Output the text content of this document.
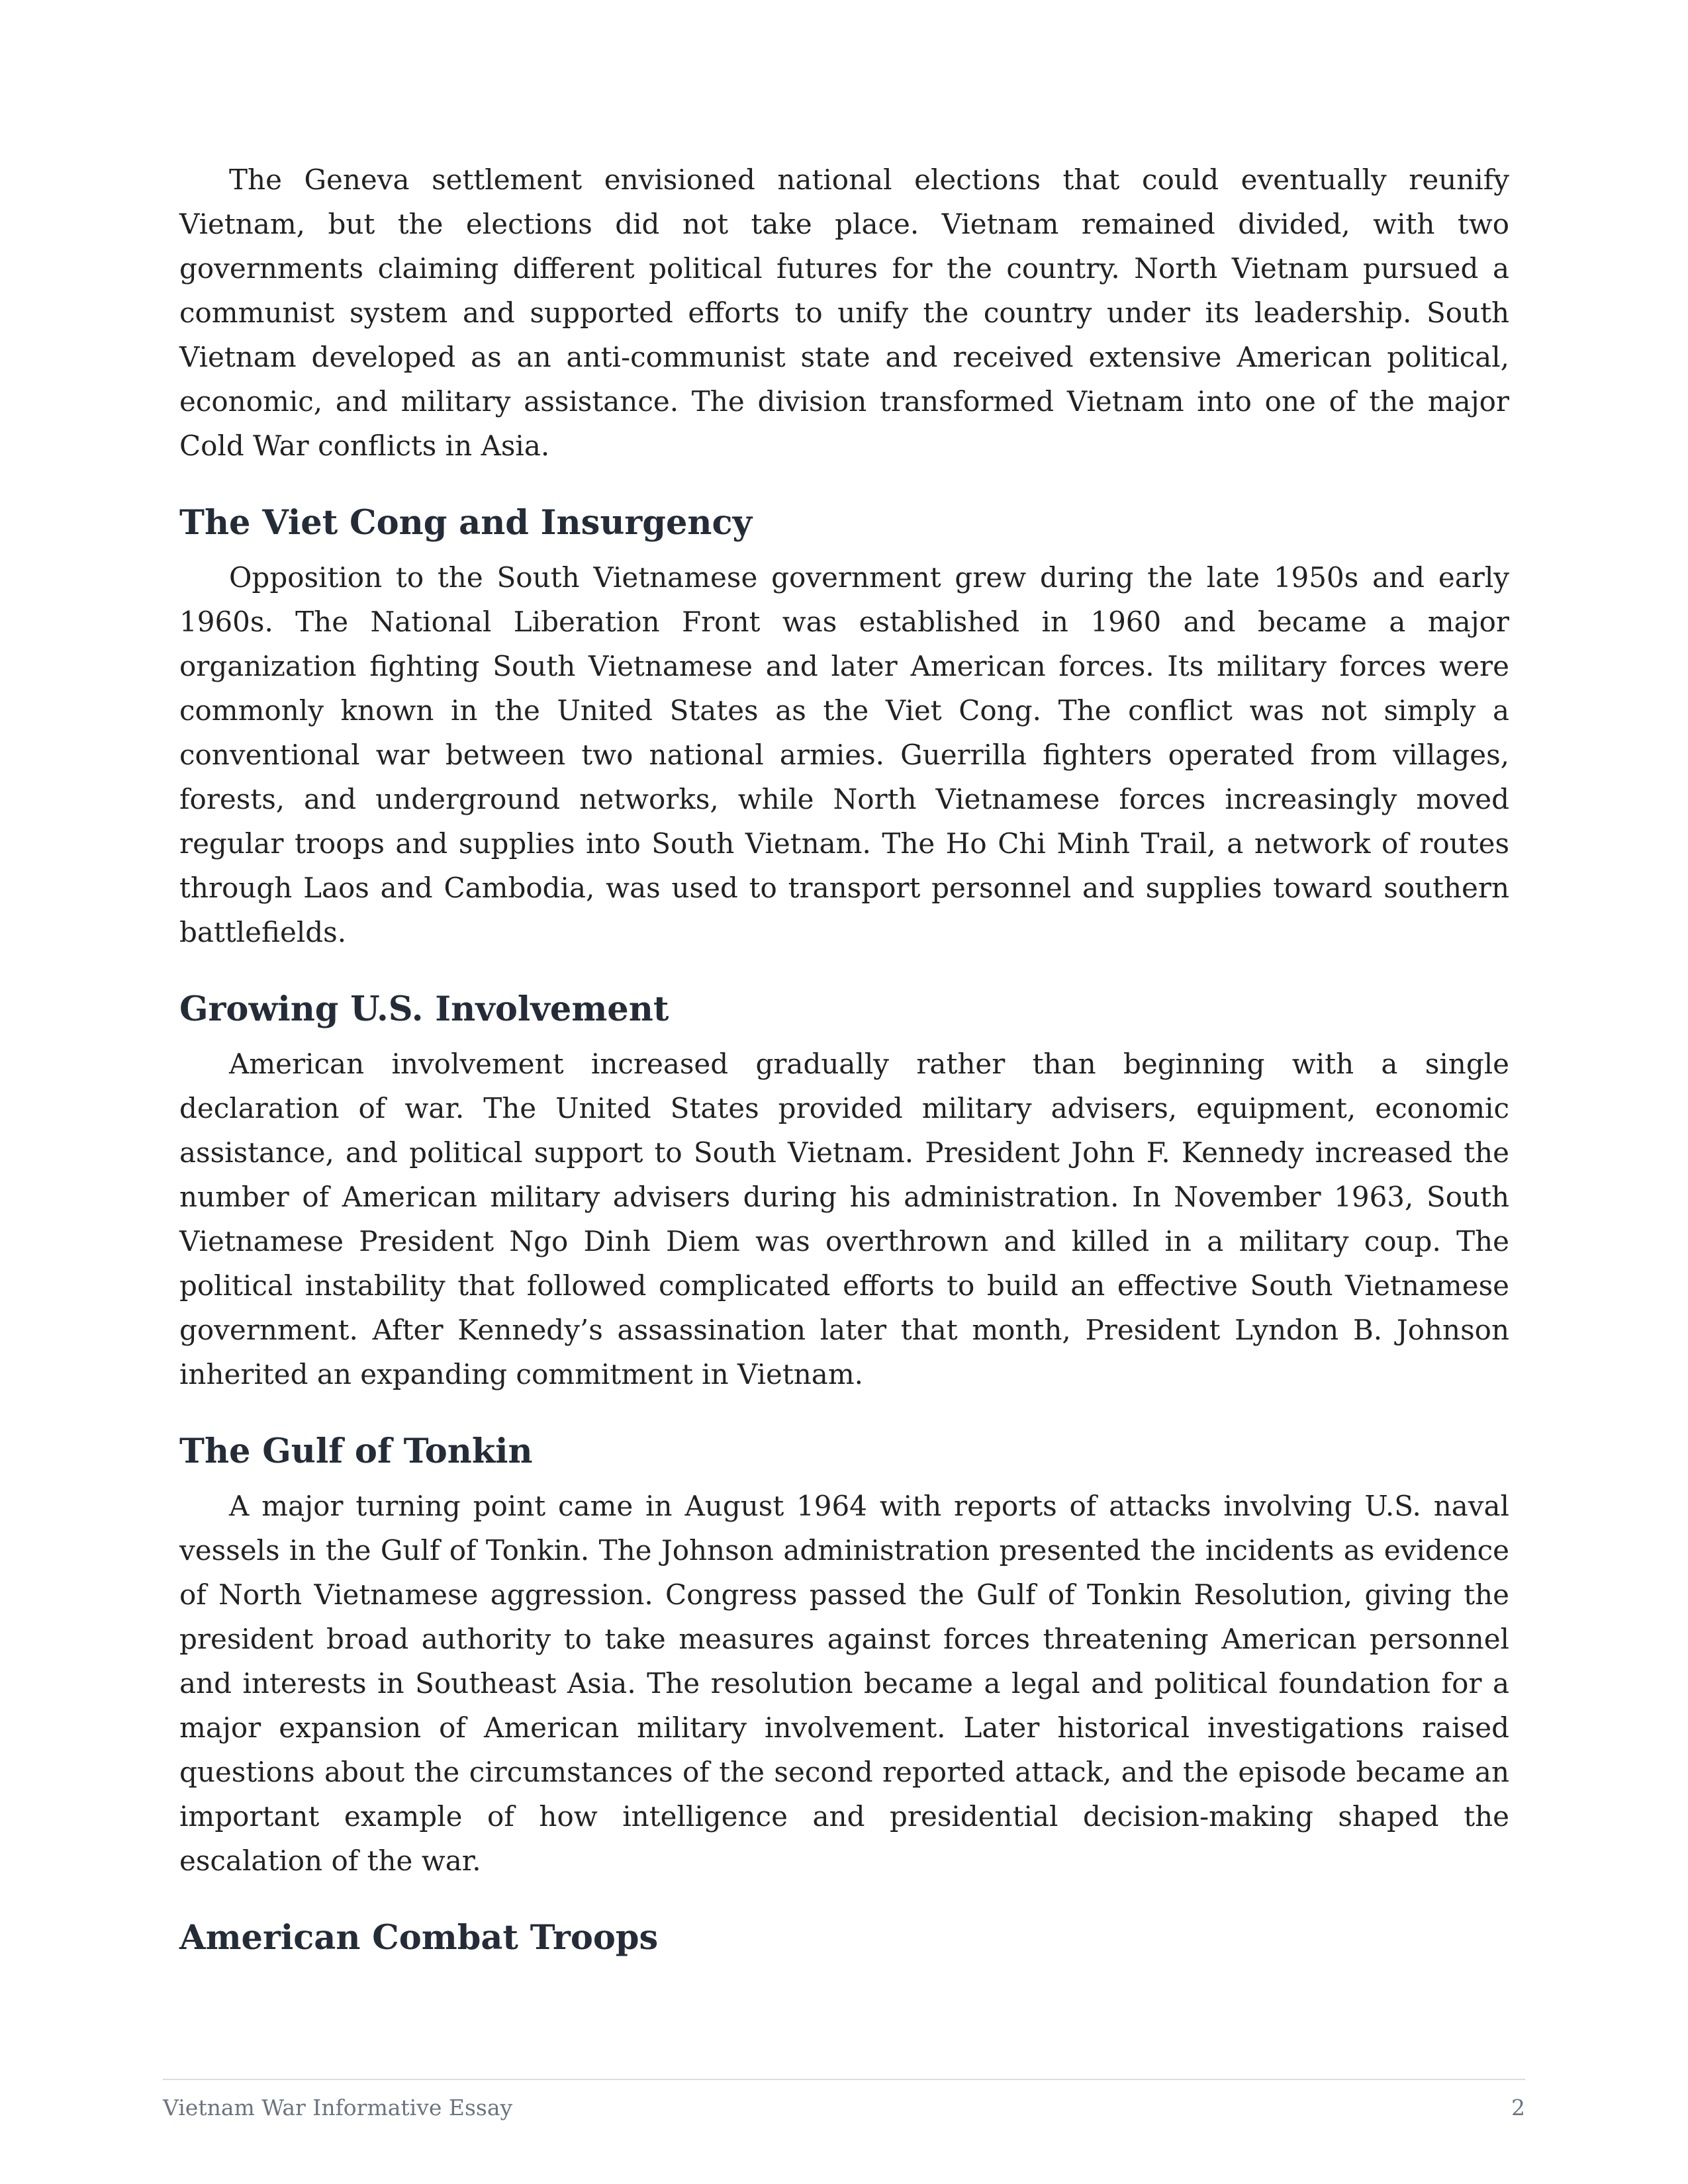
The Geneva settlement envisioned national elections that could eventually reunify Vietnam, but the elections did not take place. Vietnam remained divided, with two governments claiming different political futures for the country. North Vietnam pursued a communist system and supported efforts to unify the country under its leadership. South Vietnam developed as an anti-communist state and received extensive American political, economic, and military assistance. The division transformed Vietnam into one of the major Cold War conflicts in Asia.

The Viet Cong and Insurgency

Opposition to the South Vietnamese government grew during the late 1950s and early 1960s. The National Liberation Front was established in 1960 and became a major organization fighting South Vietnamese and later American forces. Its military forces were commonly known in the United States as the Viet Cong. The conflict was not simply a conventional war between two national armies. Guerrilla fighters operated from villages, forests, and underground networks, while North Vietnamese forces increasingly moved regular troops and supplies into South Vietnam. The Ho Chi Minh Trail, a network of routes through Laos and Cambodia, was used to transport personnel and supplies toward southern battlefields.

Growing U.S. Involvement

American involvement increased gradually rather than beginning with a single declaration of war. The United States provided military advisers, equipment, economic assistance, and political support to South Vietnam. President John F. Kennedy increased the number of American military advisers during his administration. In November 1963, South Vietnamese President Ngo Dinh Diem was overthrown and killed in a military coup. The political instability that followed complicated efforts to build an effective South Vietnamese government. After Kennedy’s assassination later that month, President Lyndon B. Johnson inherited an expanding commitment in Vietnam.

The Gulf of Tonkin

A major turning point came in August 1964 with reports of attacks involving U.S. naval vessels in the Gulf of Tonkin. The Johnson administration presented the incidents as evidence of North Vietnamese aggression. Congress passed the Gulf of Tonkin Resolution, giving the president broad authority to take measures against forces threatening American personnel and interests in Southeast Asia. The resolution became a legal and political foundation for a major expansion of American military involvement. Later historical investigations raised questions about the circumstances of the second reported attack, and the episode became an important example of how intelligence and presidential decision-making shaped the escalation of the war.

American Combat Troops
Vietnam War Informative Essay	2
